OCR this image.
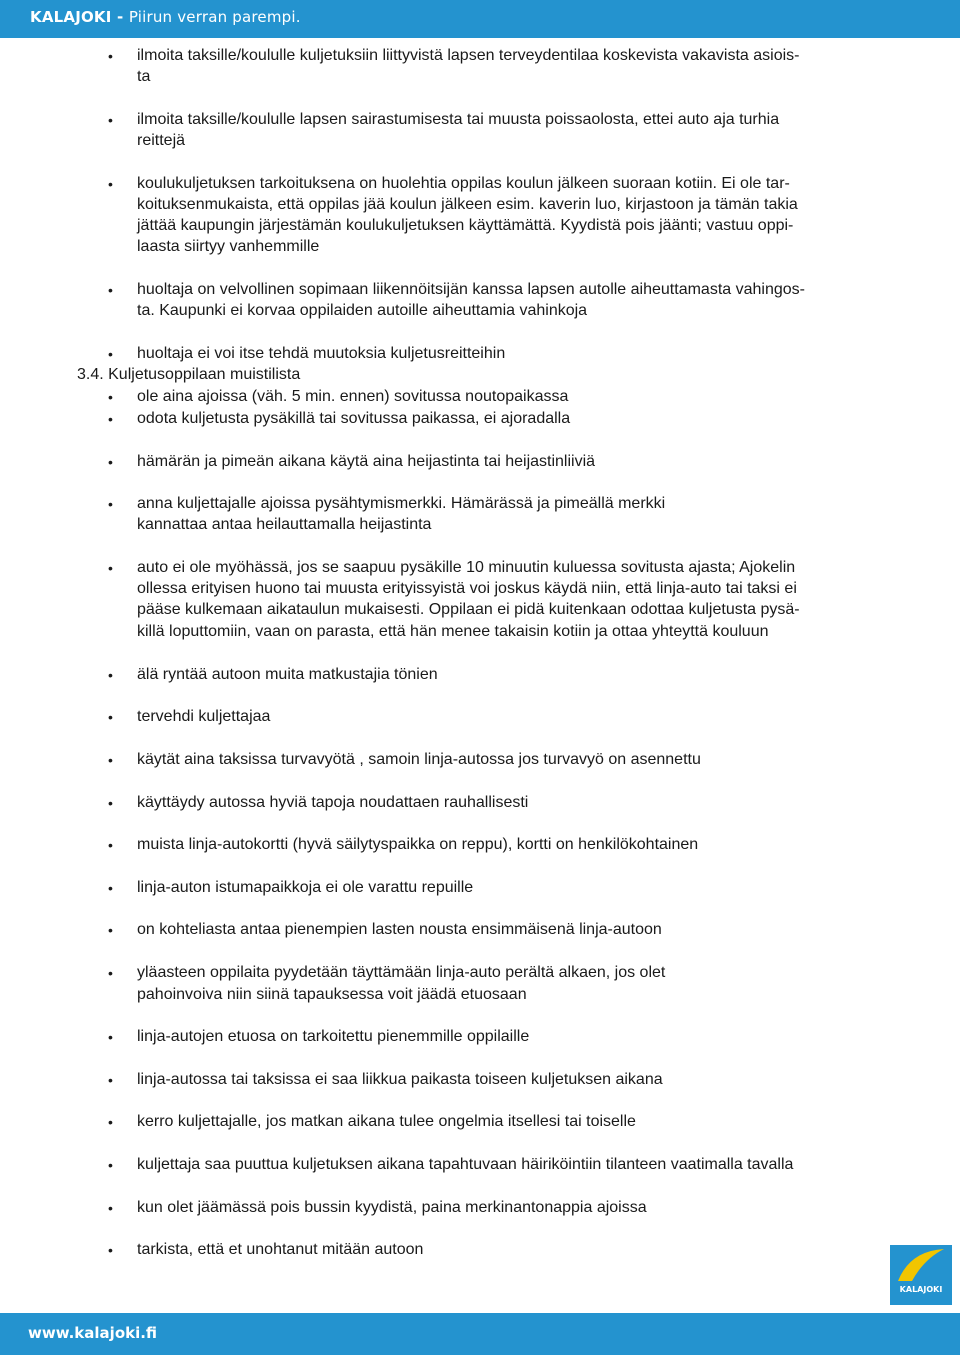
KALAJOKI - Piirun verran parempi.
•
•
•
•
•
•
•
•
•
•
•
•
•
•
•
•
•
•
•
•
•
•
•
•
ilmoita taksille/koululle kuljetuksiin liittyvistä lapsen terveydentilaa koskevista vakavista asiois-
ta
ilmoita taksille/koululle lapsen sairastumisesta tai muusta poissaolosta, ettei auto aja turhia
reittejä
koulukuljetuksen tarkoituksena on huolehtia oppilas koulun jälkeen suoraan kotiin. Ei ole tar-
koituksenmukaista, että oppilas jää koulun jälkeen esim. kaverin luo, kirjastoon ja tämän takia
jättää kaupungin järjestämän koulukuljetuksen käyttämättä. Kyydistä pois jäänti; vastuu oppi-
laasta siirtyy vanhemmille
huoltaja on velvollinen sopimaan liikennöitsijän kanssa lapsen autolle aiheuttamasta vahingos-
ta. Kaupunki ei korvaa oppilaiden autoille aiheuttamia vahinkoja
huoltaja ei voi itse tehdä muutoksia kuljetusreitteihin
3.4. Kuljetusoppilaan muistilista
ole aina ajoissa (väh. 5 min. ennen) sovitussa noutopaikassa
odota kuljetusta pysäkillä tai sovitussa paikassa, ei ajoradalla
hämärän ja pimeän aikana käytä aina heijastinta tai heijastinliiviä
anna kuljettajalle ajoissa pysähtymismerkki. Hämärässä ja pimeällä merkki
kannattaa antaa heilauttamalla heijastinta
auto ei ole myöhässä, jos se saapuu pysäkille 10 minuutin kuluessa sovitusta ajasta; Ajokelin
ollessa erityisen huono tai muusta erityissyistä voi joskus käydä niin, että linja-auto tai taksi ei
pääse kulkemaan aikataulun mukaisesti. Oppilaan ei pidä kuitenkaan odottaa kuljetusta pysä-
killä loputtomiin, vaan on parasta, että hän menee takaisin kotiin ja ottaa yhteyttä kouluun
älä ryntää autoon muita matkustajia tönien
tervehdi kuljettajaa
käytät aina taksissa turvavyötä , samoin linja-autossa jos turvavyö on asennettu
käyttäydy autossa hyviä tapoja noudattaen rauhallisesti
muista linja-autokortti (hyvä säilytyspaikka on reppu), kortti on henkilökohtainen
linja-auton istumapaikkoja ei ole varattu repuille
on kohteliasta antaa pienempien lasten nousta ensimmäisenä linja-autoon
yläasteen oppilaita pyydetään täyttämään linja-auto perältä alkaen, jos olet
pahoinvoiva niin siinä tapauksessa voit jäädä etuosaan
linja-autojen etuosa on tarkoitettu pienemmille oppilaille
linja-autossa tai taksissa ei saa liikkua paikasta toiseen kuljetuksen aikana
kerro kuljettajalle, jos matkan aikana tulee ongelmia itsellesi tai toiselle
kuljettaja saa puuttua kuljetuksen aikana tapahtuvaan häiriköintiin tilanteen vaatimalla tavalla
kun olet jäämässä pois bussin kyydistä, paina merkinantonappia ajoissa
tarkista, että et unohtanut mitään autoon
KALAJOKI
www.kalajoki.fi
